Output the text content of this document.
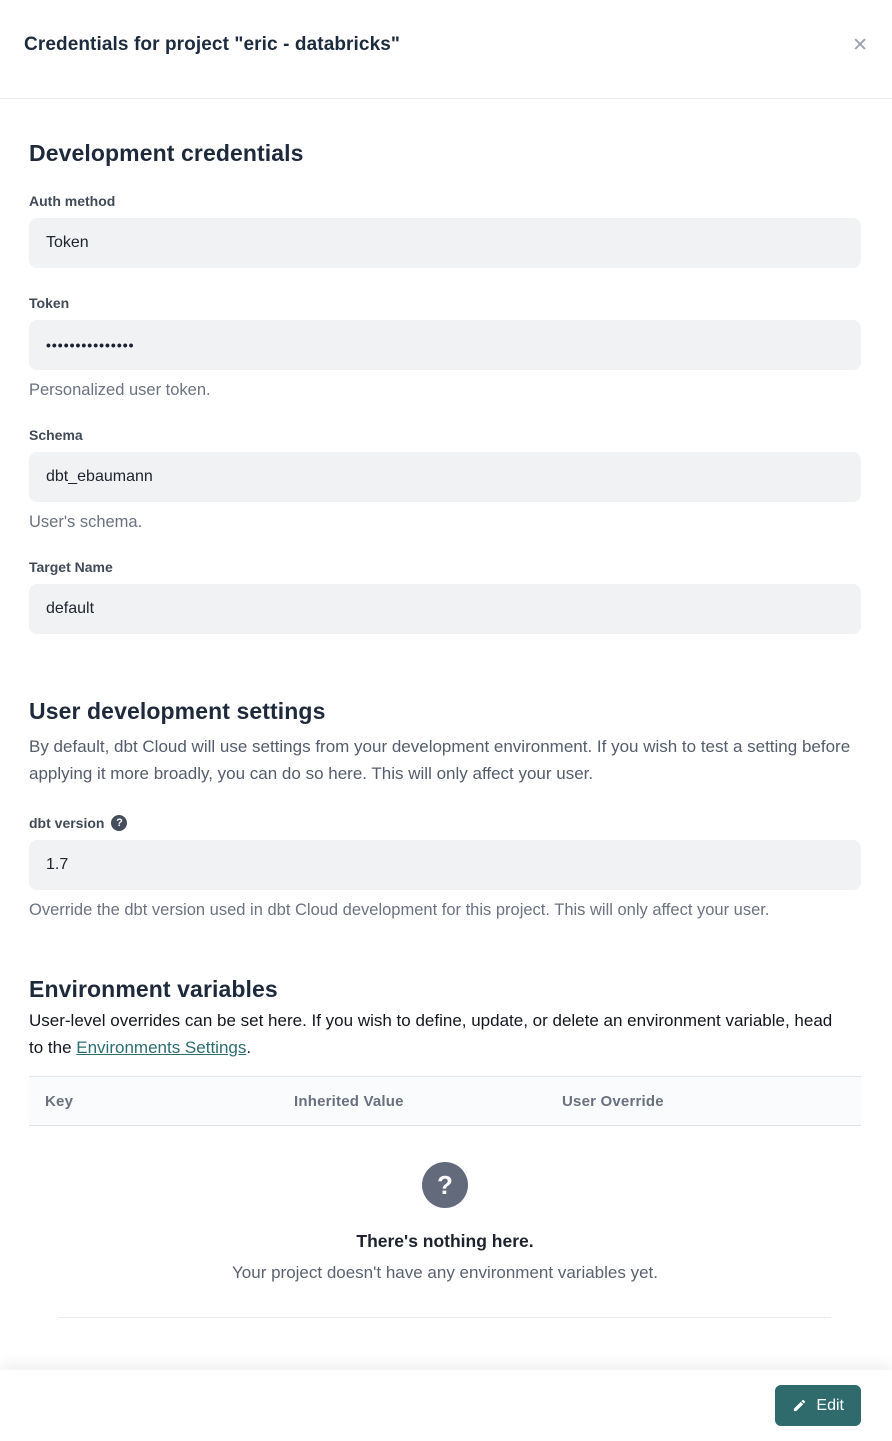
Credentials for project "eric - databricks"	✕
Development credentials
Auth method
Token
Token
•••••••••••••••
Personalized user token.
Schema
dbt_ebaumann
User's schema.
Target Name
default
User development settings

By default, dbt Cloud will use settings from your development environment. If you wish to test a setting before applying it more broadly, you can do so here. This will only affect your user.

dbt version	?
1.7
Override the dbt version used in dbt Cloud development for this project. This will only affect your user.
Environment variables

User-level overrides can be set here. If you wish to define, update, or delete an environment variable, head to the Environments Settings.

Key	Inherited Value	User Override
?
There's nothing here.
Your project doesn't have any environment variables yet.
Edit
